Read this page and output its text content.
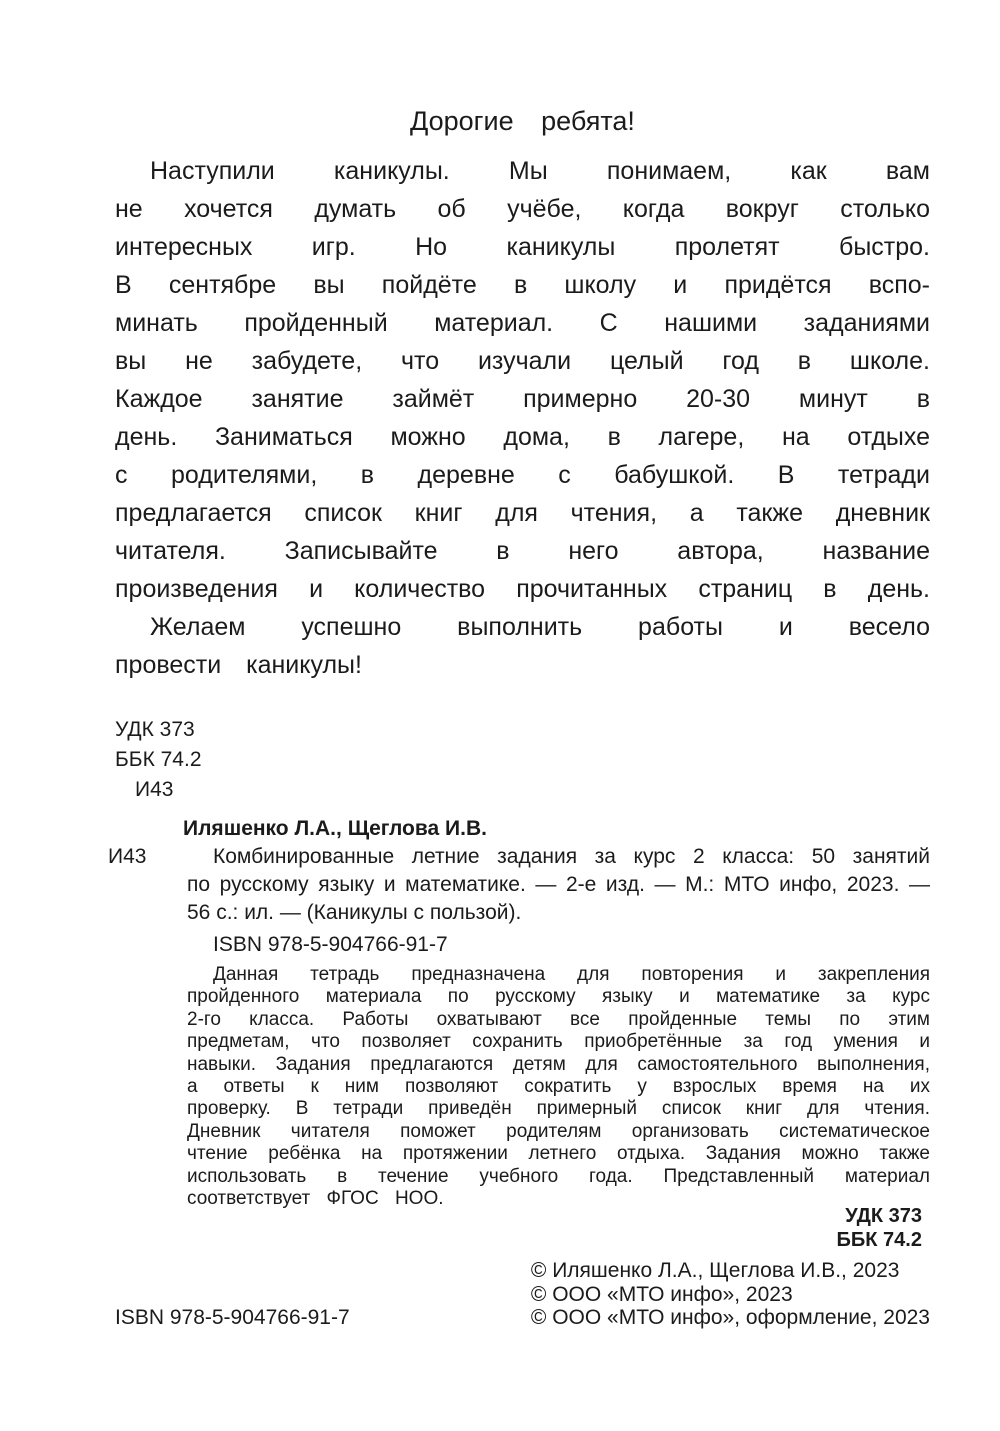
Дорогие ребята!
Наступили каникулы. Мы понимаем, как вам
не хочется думать об учёбе, когда вокруг столько
интересных игр. Но каникулы пролетят быстро.
В сентябре вы пойдёте в школу и придётся вспо-
минать пройденный материал. С нашими заданиями
вы не забудете, что изучали целый год в школе.
Каждое занятие займёт примерно 20-30 минут в
день. Заниматься можно дома, в лагере, на отдыхе
с родителями, в деревне с бабушкой. В тетради
предлагается список книг для чтения, а также дневник
читателя. Записывайте в него автора, название
произведения и количество прочитанных страниц в день.
Желаем успешно выполнить работы и весело
провести каникулы!
УДК 373
ББК 74.2
И43
Иляшенко Л.А., Щеглова И.В.
И43	Комбинированные летние задания за курс 2 класса: 50 занятий
по русскому языку и математике. — 2-е изд. — М.: МТО инфо, 2023. —
56 с.: ил. — (Каникулы с пользой).
ISBN 978-5-904766-91-7
Данная тетрадь предназначена для повторения и закрепления
пройденного материала по русскому языку и математике за курс
2-го класса. Работы охватывают все пройденные темы по этим
предметам, что позволяет сохранить приобретённые за год умения и
навыки. Задания предлагаются детям для самостоятельного выполнения,
а ответы к ним позволяют сократить у взрослых время на их
проверку. В тетради приведён примерный список книг для чтения.
Дневник читателя поможет родителям организовать систематическое
чтение ребёнка на протяжении летнего отдыха. Задания можно также
использовать в течение учебного года. Представленный материал
соответствует ФГОС НОО.
УДК 373
ББК 74.2
ISBN 978-5-904766-91-7
© Иляшенко Л.А., Щеглова И.В., 2023
© ООО «МТО инфо», 2023
© ООО «МТО инфо», оформление, 2023
